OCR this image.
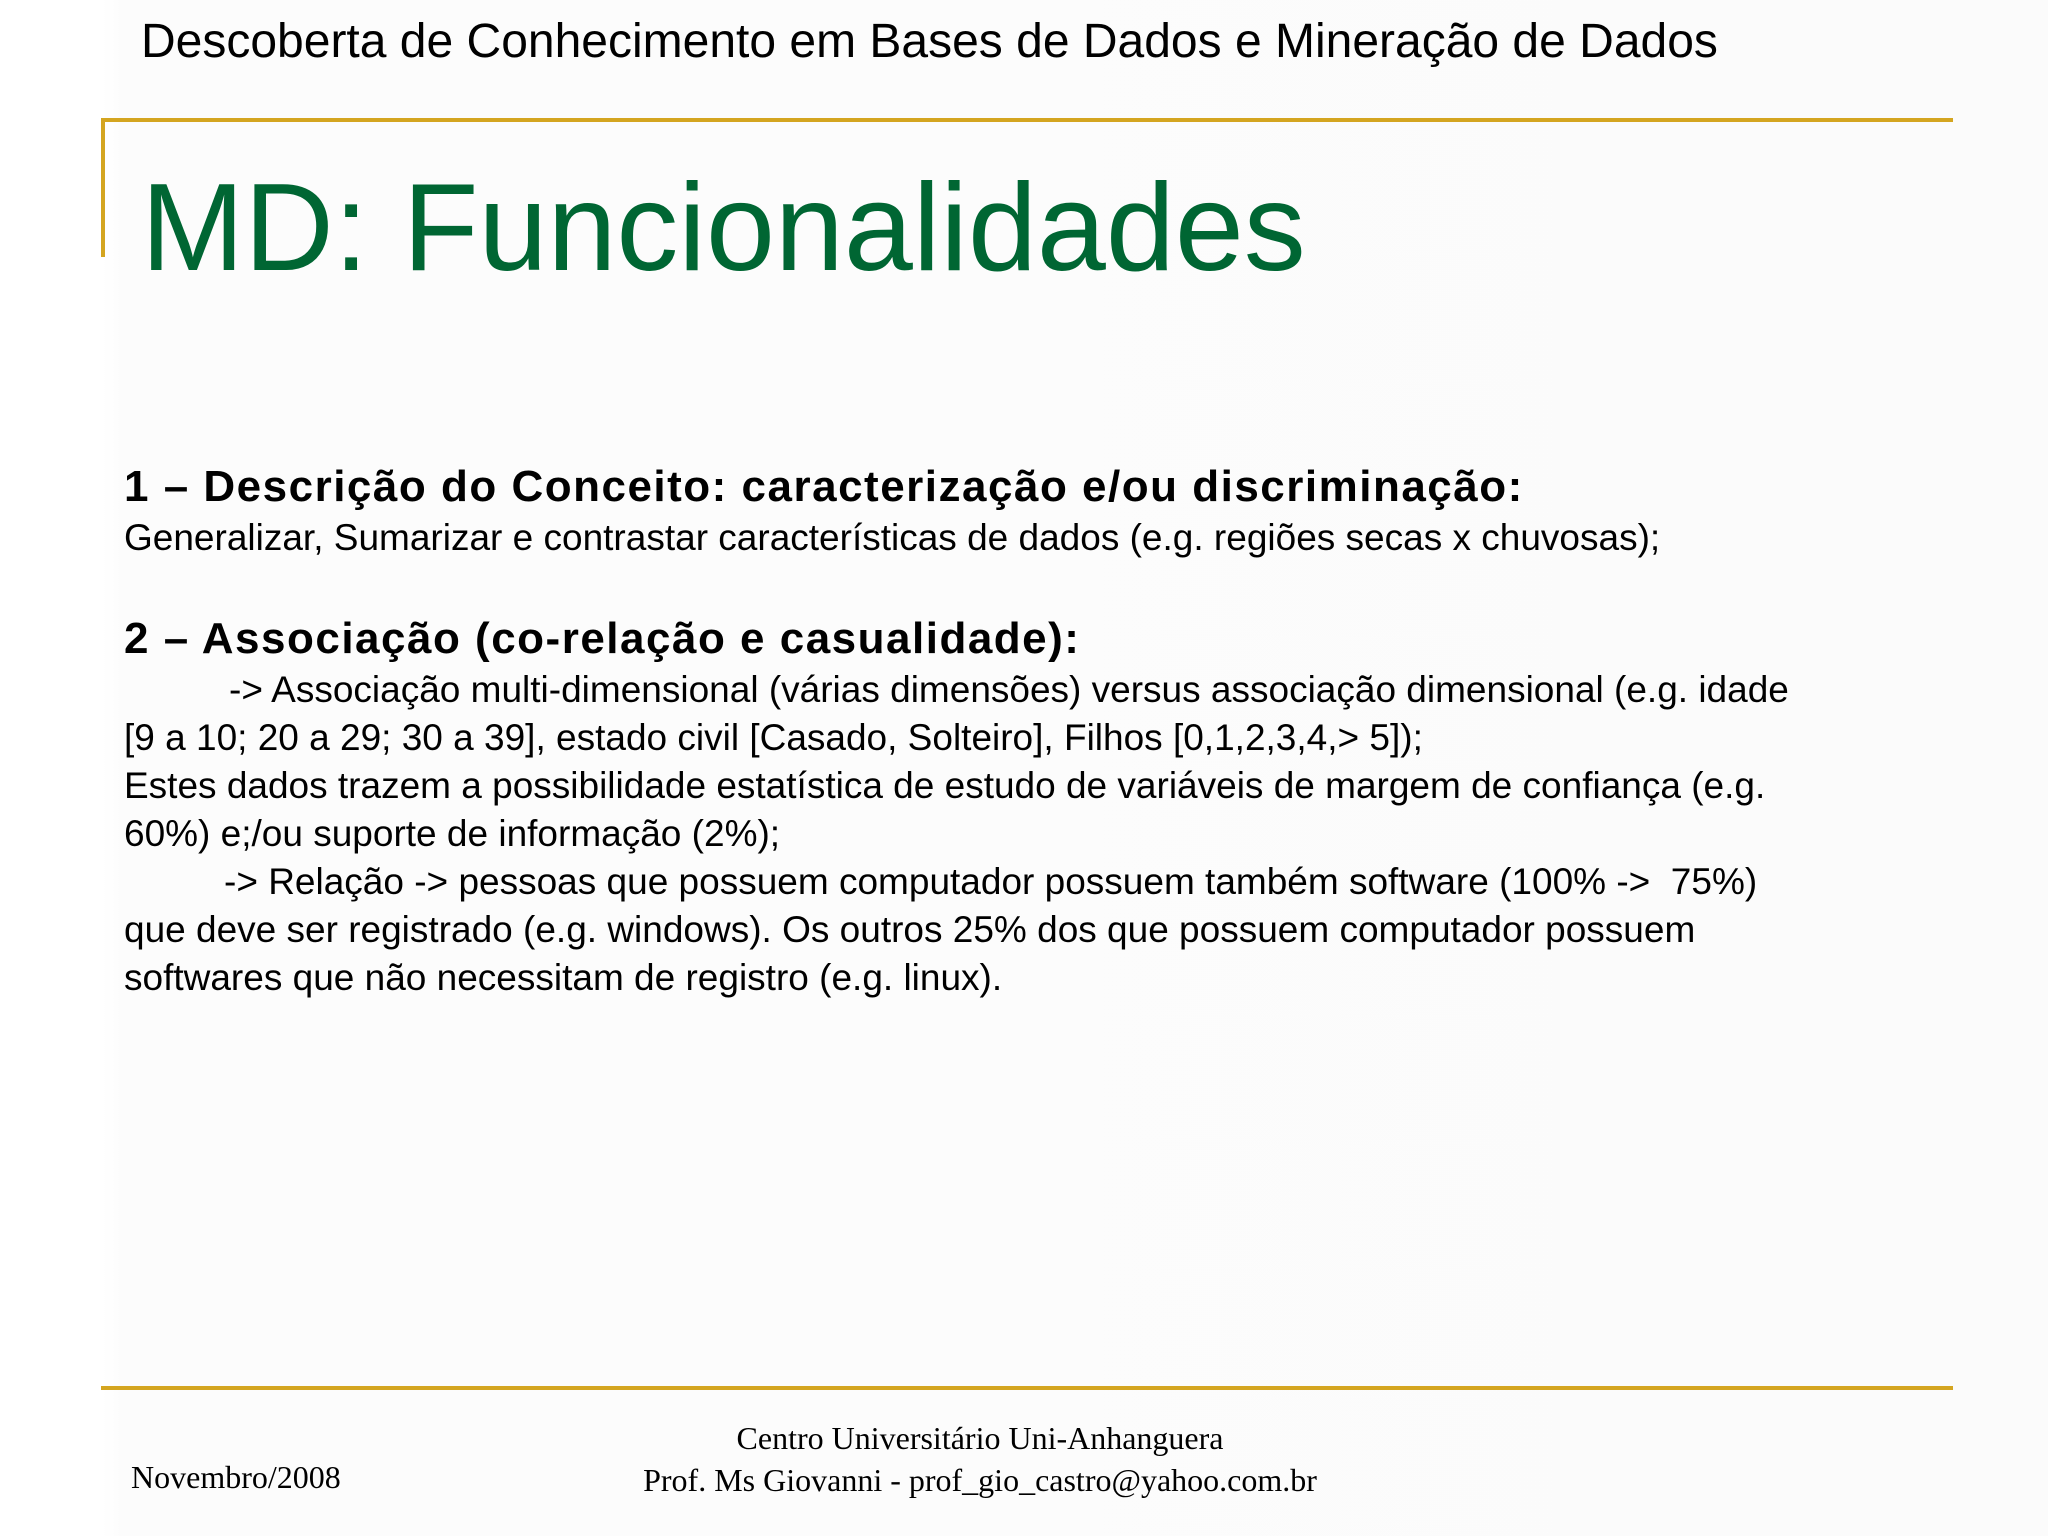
Descoberta de Conhecimento em Bases de Dados e Mineração de Dados
MD: Funcionalidades
1 – Descrição do Conceito: caracterização e/ou discriminação:
Generalizar, Sumarizar e contrastar características de dados (e.g. regiões secas x chuvosas);
2 – Associação (co-relação e casualidade):
-> Associação multi-dimensional (várias dimensões) versus associação dimensional (e.g. idade
[9 a 10; 20 a 29; 30 a 39], estado civil [Casado, Solteiro], Filhos [0,1,2,3,4,> 5]);
Estes dados trazem a possibilidade estatística de estudo de variáveis de margem de confiança (e.g.
60%) e;/ou suporte de informação (2%);
-> Relação -> pessoas que possuem computador possuem também software (100% ->  75%)
que deve ser registrado (e.g. windows). Os outros 25% dos que possuem computador possuem
softwares que não necessitam de registro (e.g. linux).
Novembro/2008
Centro Universitário Uni-Anhanguera
Prof. Ms Giovanni - prof_gio_castro@yahoo.com.br
